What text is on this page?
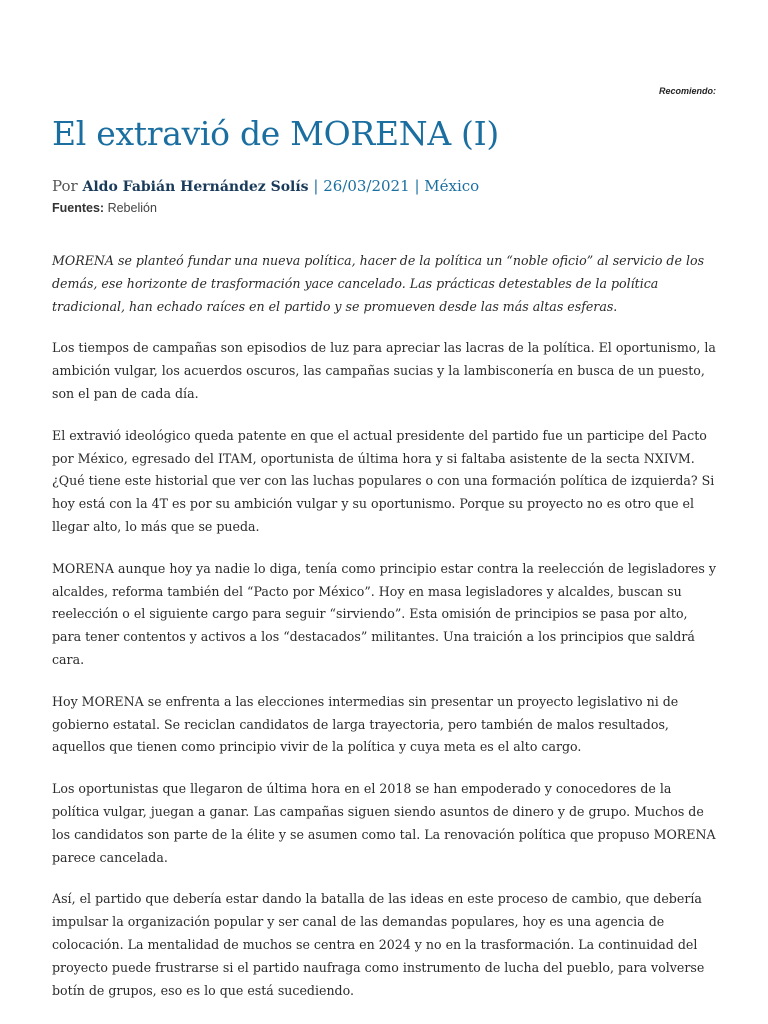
Recomiendo:
El extravió de MORENA (I)
Por Aldo Fabián Hernández Solís | 26/03/2021 | México
Fuentes: Rebelión

MORENA se planteó fundar una nueva política, hacer de la política un “noble oficio” al servicio de los demás, ese horizonte de trasformación yace cancelado. Las prácticas detestables de la política tradicional, han echado raíces en el partido y se promueven desde las más altas esferas.

Los tiempos de campañas son episodios de luz para apreciar las lacras de la política. El oportunismo, la ambición vulgar, los acuerdos oscuros, las campañas sucias y la lambisconería en busca de un puesto, son el pan de cada día.

El extravió ideológico queda patente en que el actual presidente del partido fue un participe del Pacto por México, egresado del ITAM, oportunista de última hora y si faltaba asistente de la secta NXIVM. ¿Qué tiene este historial que ver con las luchas populares o con una formación política de izquierda? Si hoy está con la 4T es por su ambición vulgar y su oportunismo. Porque su proyecto no es otro que el llegar alto, lo más que se pueda.

MORENA aunque hoy ya nadie lo diga, tenía como principio estar contra la reelección de legisladores y alcaldes, reforma también del “Pacto por México”. Hoy en masa legisladores y alcaldes, buscan su reelección o el siguiente cargo para seguir “sirviendo”. Esta omisión de principios se pasa por alto, para tener contentos y activos a los “destacados” militantes. Una traición a los principios que saldrá cara.

Hoy MORENA se enfrenta a las elecciones intermedias sin presentar un proyecto legislativo ni de gobierno estatal. Se reciclan candidatos de larga trayectoria, pero también de malos resultados, aquellos que tienen como principio vivir de la política y cuya meta es el alto cargo.

Los oportunistas que llegaron de última hora en el 2018 se han empoderado y conocedores de la política vulgar, juegan a ganar. Las campañas siguen siendo asuntos de dinero y de grupo. Muchos de los candidatos son parte de la élite y se asumen como tal. La renovación política que propuso MORENA parece cancelada.

Así, el partido que debería estar dando la batalla de las ideas en este proceso de cambio, que debería impulsar la organización popular y ser canal de las demandas populares, hoy es una agencia de colocación. La mentalidad de muchos se centra en 2024 y no en la trasformación. La continuidad del proyecto puede frustrarse si el partido naufraga como instrumento de lucha del pueblo, para volverse botín de grupos, eso es lo que está sucediendo.
